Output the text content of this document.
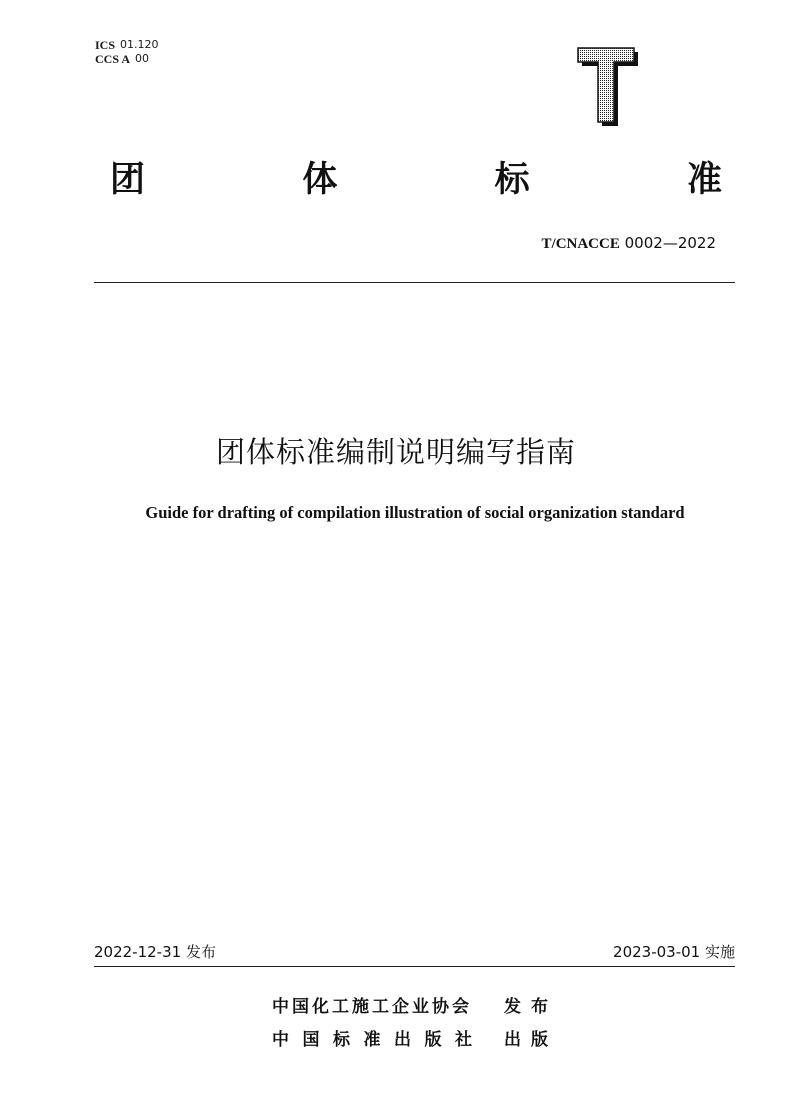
ICS 01.120
CCS A 00
团	体	标	准
T/CNACCE 0002—2022
团体标准编制说明编写指南
Guide for drafting of compilation illustration of social organization standard
2022-12-31 发布	2023-03-01 实施
中国化工施工企业协会	发布
中国标准出版社	出版
